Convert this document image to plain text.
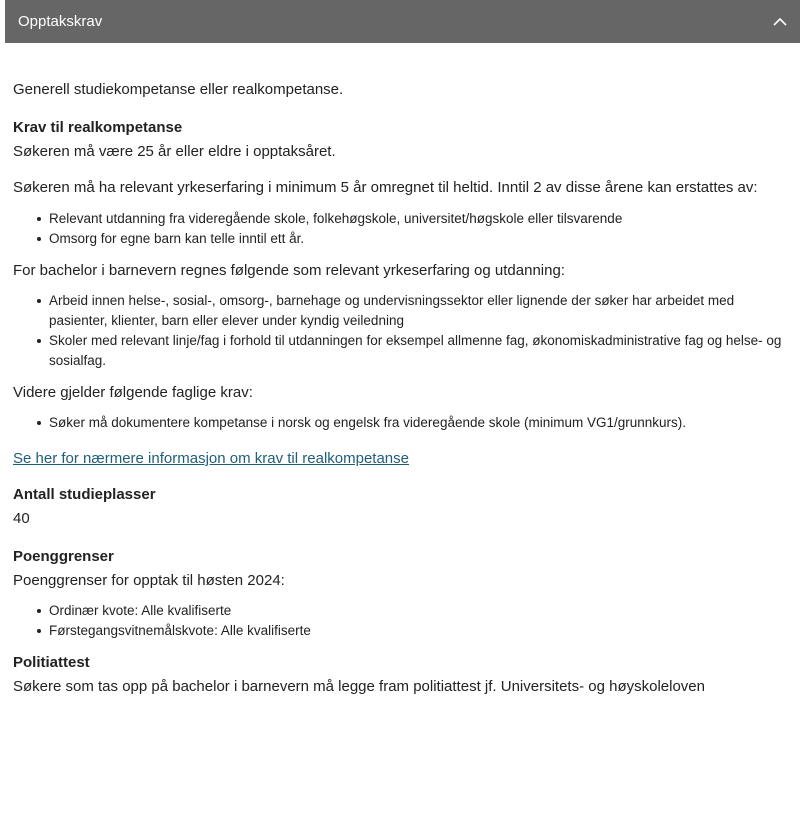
Opptakskrav

Generell studiekompetanse eller realkompetanse.

Krav til realkompetanse

Søkeren må være 25 år eller eldre i opptaksåret.

Søkeren må ha relevant yrkeserfaring i minimum 5 år omregnet til heltid. Inntil 2 av disse årene kan erstattes av:

Relevant utdanning fra videregående skole, folkehøgskole, universitet/høgskole eller tilsvarende
Omsorg for egne barn kan telle inntil ett år.

For bachelor i barnevern regnes følgende som relevant yrkeserfaring og utdanning:

Arbeid innen helse-, sosial-, omsorg-, barnehage og undervisningssektor eller lignende der søker har arbeidet med pasienter, klienter, barn eller elever under kyndig veiledning
Skoler med relevant linje/fag i forhold til utdanningen for eksempel allmenne fag, økonomiskadministrative fag og helse- og sosialfag.

Videre gjelder følgende faglige krav:

Søker må dokumentere kompetanse i norsk og engelsk fra videregående skole (minimum VG1/grunnkurs).

Se her for nærmere informasjon om krav til realkompetanse

Antall studieplasser

40

Poenggrenser

Poenggrenser for opptak til høsten 2024:

Ordinær kvote: Alle kvalifiserte
Førstegangsvitnemålskvote: Alle kvalifiserte
Politiattest

Søkere som tas opp på bachelor i barnevern må legge fram politiattest jf. Universitets- og høyskoleloven
